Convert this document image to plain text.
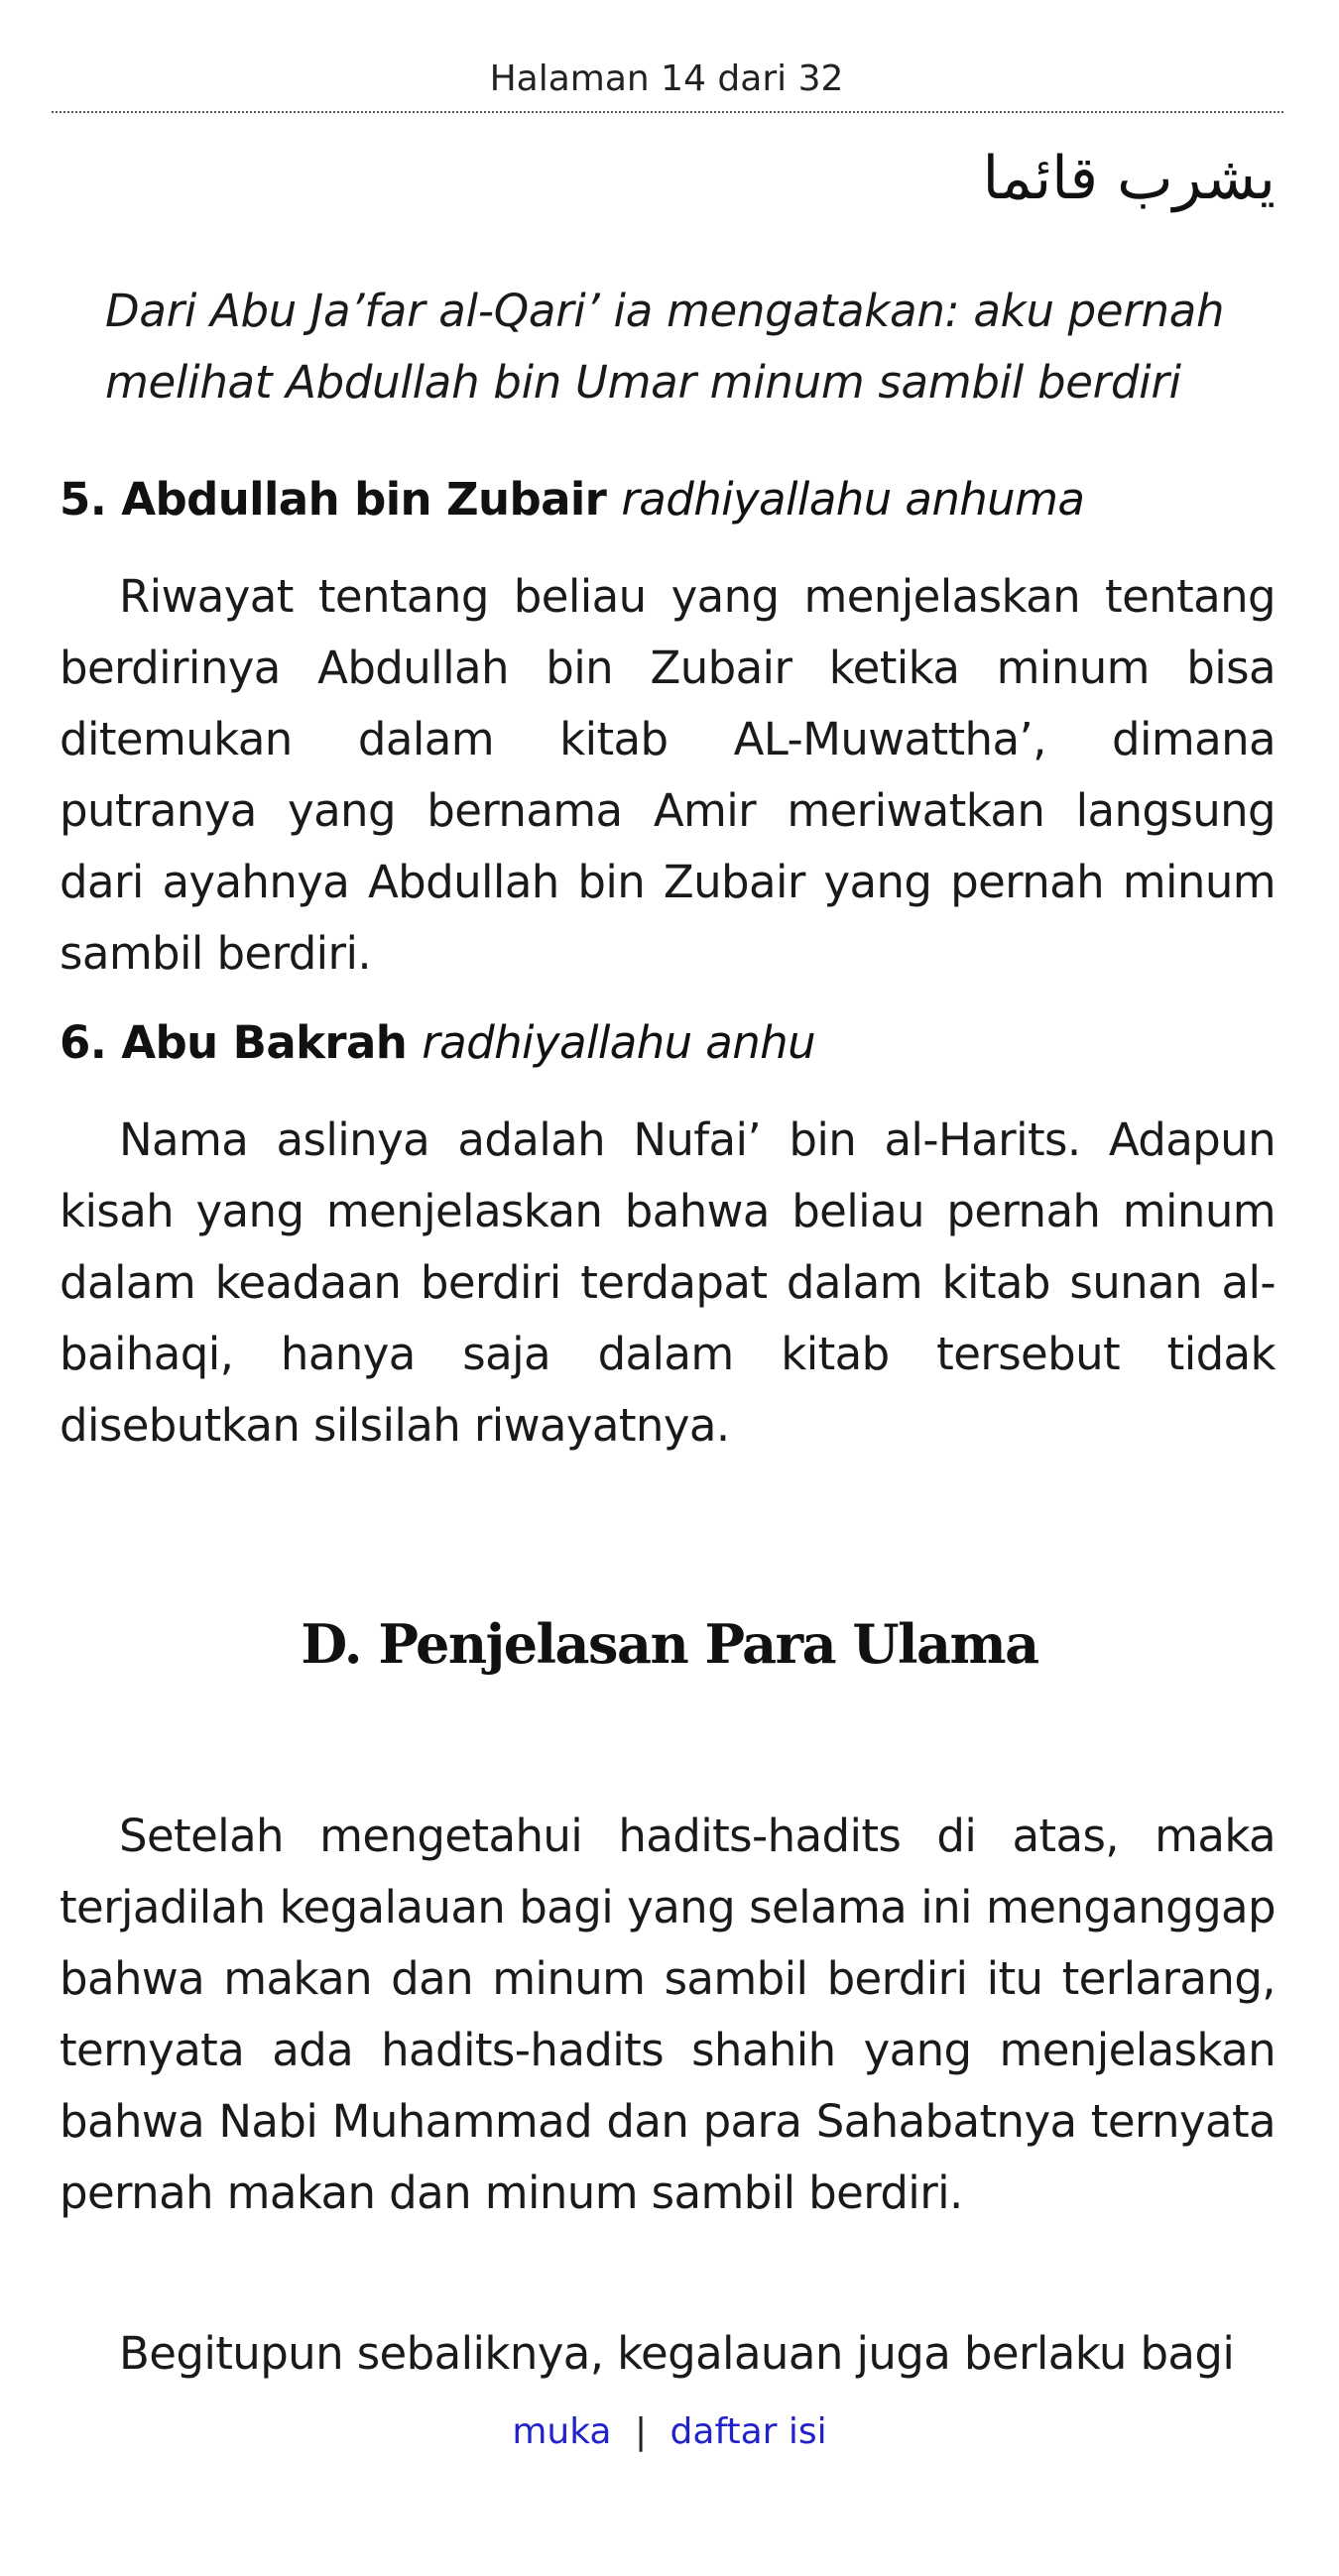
Halaman 14 dari 32
يشرب قائما
Dari Abu Ja’far al-Qari’ ia mengatakan: aku pernah melihat Abdullah bin Umar minum sambil berdiri
5. Abdullah bin Zubair radhiyallahu anhuma
Riwayat tentang beliau yang menjelaskan tentang berdirinya Abdullah bin Zubair ketika minum bisa ditemukan dalam kitab AL-Muwattha’, dimana putranya yang bernama Amir meriwatkan langsung dari ayahnya Abdullah bin Zubair yang pernah minum sambil berdiri.
6. Abu Bakrah radhiyallahu anhu
Nama aslinya adalah Nufai’ bin al-Harits. Adapun kisah yang menjelaskan bahwa beliau pernah minum dalam keadaan berdiri terdapat dalam kitab sunan al-baihaqi, hanya saja dalam kitab tersebut tidak disebutkan silsilah riwayatnya.
D. Penjelasan Para Ulama
Setelah mengetahui hadits-hadits di atas, maka terjadilah kegalauan bagi yang selama ini menganggap bahwa makan dan minum sambil berdiri itu terlarang, ternyata ada hadits-hadits shahih yang menjelaskan bahwa Nabi Muhammad dan para Sahabatnya ternyata pernah makan dan minum sambil berdiri.
Begitupun sebaliknya, kegalauan juga berlaku bagi
muka | daftar isi
